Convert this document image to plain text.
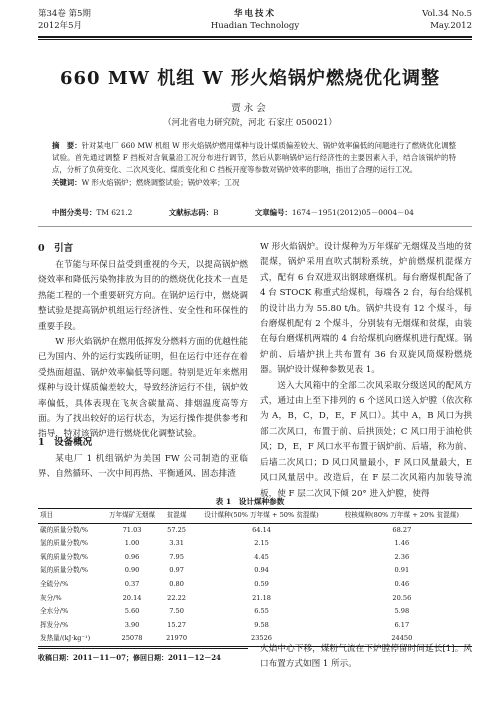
第34卷 第5期
2012年5月
华电技术
Huadian Technology
Vol.34 No.5
May.2012
660 MW 机组 W 形火焰锅炉燃烧优化调整
贾永会
（河北省电力研究院，河北 石家庄 050021）
摘　要：针对某电厂 660 MW 机组 W 形火焰锅炉燃用煤种与设计煤质偏差较大、锅炉效率偏低的问题进行了燃烧优化调整试验。首先通过调整 F 挡板对含氧量沿工况分布进行调节，然后从影响锅炉运行经济性的主要因素入手，结合该锅炉的特点，分析了负荷变化、二次风变化、煤质变化和 C 挡板开度等参数对锅炉效率的影响，指出了合理的运行工况。
关键词：W 形火焰锅炉；燃烧调整试验；锅炉效率；工况
中图分类号：TM 621.2	文献标志码：B	文章编号：1674－1951(2012)05－0004－04
0　引言

在节能与环保日益受到重视的今天，以提高锅炉燃烧效率和降低污染物排放为目的的燃烧优化技术一直是热能工程的一个重要研究方向。在锅炉运行中，燃烧调整试验是提高锅炉机组运行经济性、安全性和环保性的重要手段。

W 形火焰锅炉在燃用低挥发分燃料方面的优越性能已为国内、外的运行实践所证明，但在运行中还存在着受热面超温、锅炉效率偏低等问题。特别是近年来燃用煤种与设计煤质偏差较大，导致经济运行不佳，锅炉效率偏低，具体表现在飞灰含碳量高、排烟温度高等方面。为了找出较好的运行状态，为运行操作提供参考和指导，特对该锅炉进行燃烧优化调整试验。

1　设备概况

某电厂 1 机组锅炉为美国 FW 公司制造的亚临界、自然循环、一次中间再热、平衡通风、固态排渣

W 形火焰锅炉。设计煤种为万年煤矿无烟煤及当地的贫混煤，锅炉采用直吹式制粉系统，炉前燃煤机混煤方式，配有 6 台双进双出钢球磨煤机。每台磨煤机配备了 4 台 STOCK 称重式给煤机，每端各 2 台，每台给煤机的设计出力为 55.80 t/h。锅炉共设有 12 个煤斗，每台磨煤机配有 2 个煤斗，分别装有无烟煤和贫煤，由装在每台磨煤机两端的 4 台给煤机向磨煤机进行配煤。锅炉前、后墙炉拱上共布置有 36 台双旋风筒煤粉燃烧器。锅炉设计煤种参数见表 1。

送入大风箱中的全部二次风采取分级送风的配风方式，通过由上至下排列的 6 个送风口送入炉膛（依次称为 A，B，C，D，E，F 风口）。其中 A，B 风口为拱部二次风口，布置于前、后拱顶处；C 风口用于油枪供风；D，E，F 风口水平布置于锅炉前、后墙，称为前、后墙二次风口；D 风口风量最小，F 风口风量最大，E 风口风量居中。改造后，在 F 层二次风箱内加装导流板，使 F 层二次风下倾 20° 进入炉膛，使得

表 1　设计煤种参数
项目	万年煤矿无烟煤	贫混煤	设计煤种(50% 万年煤 + 50% 贫混煤)	校核煤种(80% 万年煤 + 20% 贫混煤)
碳的质量分数/%	71.03	57.25	64.14	68.27
氢的质量分数/%	1.00	3.31	2.15	1.46
氧的质量分数/%	0.96	7.95	4.45	2.36
氮的质量分数/%	0.90	0.97	0.94	0.91
全硫分/%	0.37	0.80	0.59	0.46
灰分/%	20.14	22.22	21.18	20.56
全水分/%	5.60	7.50	6.55	5.98
挥发分/%	3.90	15.27	9.58	6.17
发热量/(kJ·kg⁻¹)	25078	21970	23526	24450

火焰中心下移，煤粉气流在下炉膛停留时间延长[1]。风口布置方式如图 1 所示。

收稿日期：2011－11－07；修回日期：2011－12－24
